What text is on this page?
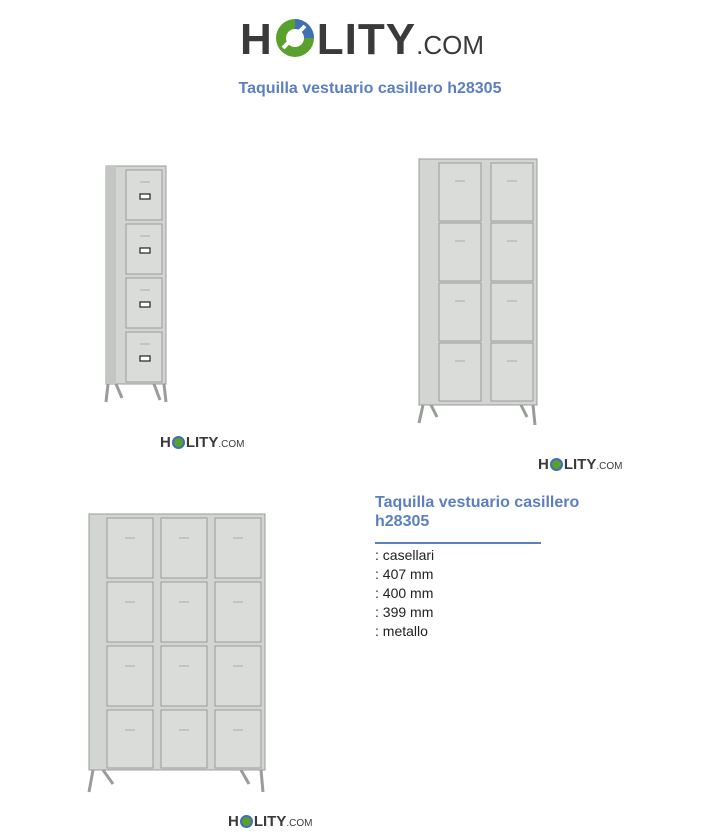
H LITY .COM
Taquilla vestuario casillero h28305
H LITY .COM
H LITY .COM
H LITY .COM
Taquilla vestuario casillero h28305
: casellari
: 407 mm
: 400 mm
: 399 mm
: metallo
